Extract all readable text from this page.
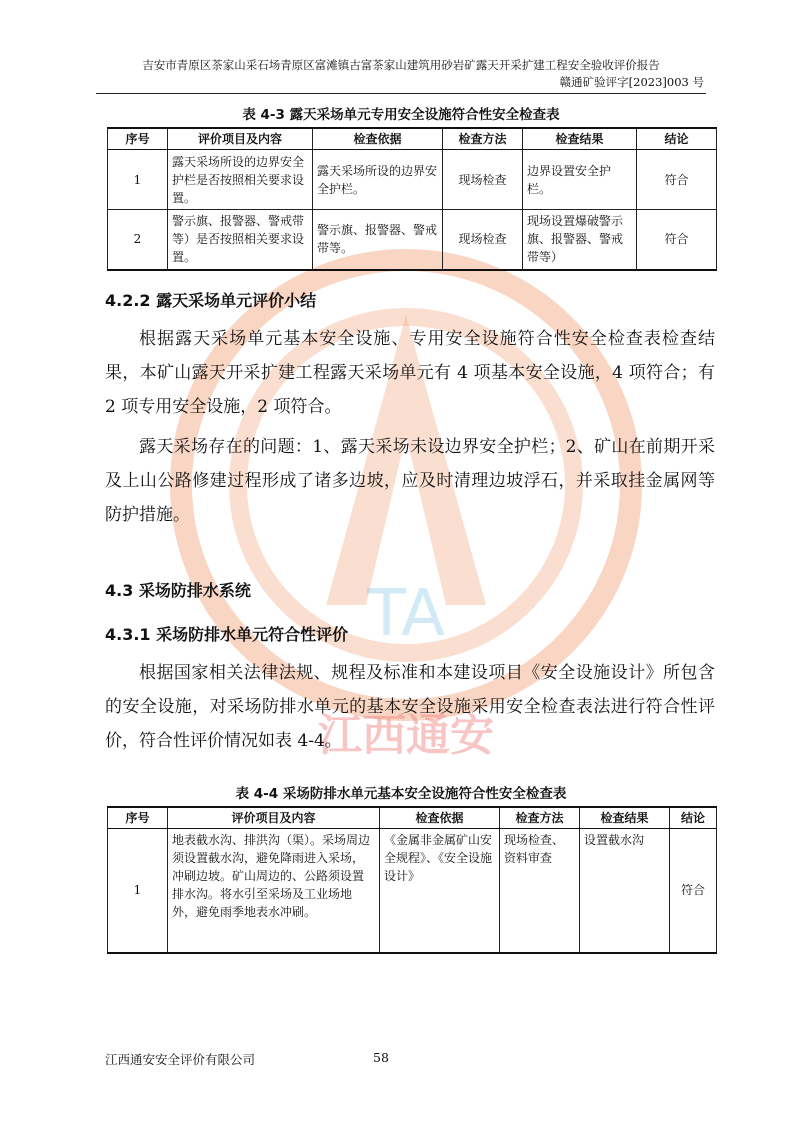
TA
江西通安
吉安市青原区茶家山采石场青原区富滩镇古富茶家山建筑用砂岩矿露天开采扩建工程安全验收评价报告
赣通矿验评字[2023]003 号
表 4-3 露天采场单元专用安全设施符合性安全检查表
序号	评价项目及内容	检查依据	检查方法	检查结果	结论
1	露天采场所设的边界安全护栏是否按照相关要求设置。	露天采场所设的边界安全护栏。	现场检查	边界设置安全护栏。	符合
2	警示旗、报警器、警戒带等）是否按照相关要求设置。	警示旗、报警器、警戒带等。	现场检查	现场设置爆破警示旗、报警器、警戒带等）	符合
4.2.2 露天采场单元评价小结
根据露天采场单元基本安全设施、专用安全设施符合性安全检查表检查结果，本矿山露天开采扩建工程露天采场单元有 4 项基本安全设施，4 项符合；有 2 项专用安全设施，2 项符合。
露天采场存在的问题：1、露天采场未设边界安全护栏；2、矿山在前期开采及上山公路修建过程形成了诸多边坡，应及时清理边坡浮石，并采取挂金属网等防护措施。
4.3 采场防排水系统
4.3.1 采场防排水单元符合性评价
根据国家相关法律法规、规程及标准和本建设项目《安全设施设计》所包含的安全设施，对采场防排水单元的基本安全设施采用安全检查表法进行符合性评价，符合性评价情况如表 4-4。
表 4-4 采场防排水单元基本安全设施符合性安全检查表
序号	评价项目及内容	检查依据	检查方法	检查结果	结论
1	地表截水沟、排洪沟（渠）。采场周边须设置截水沟，避免降雨进入采场，冲刷边坡。矿山周边的、公路须设置排水沟。将水引至采场及工业场地外，避免雨季地表水冲刷。	《金属非金属矿山安全规程》、《安全设施设计》	现场检查、资料审查	设置截水沟	符合
江西通安安全评价有限公司	58
